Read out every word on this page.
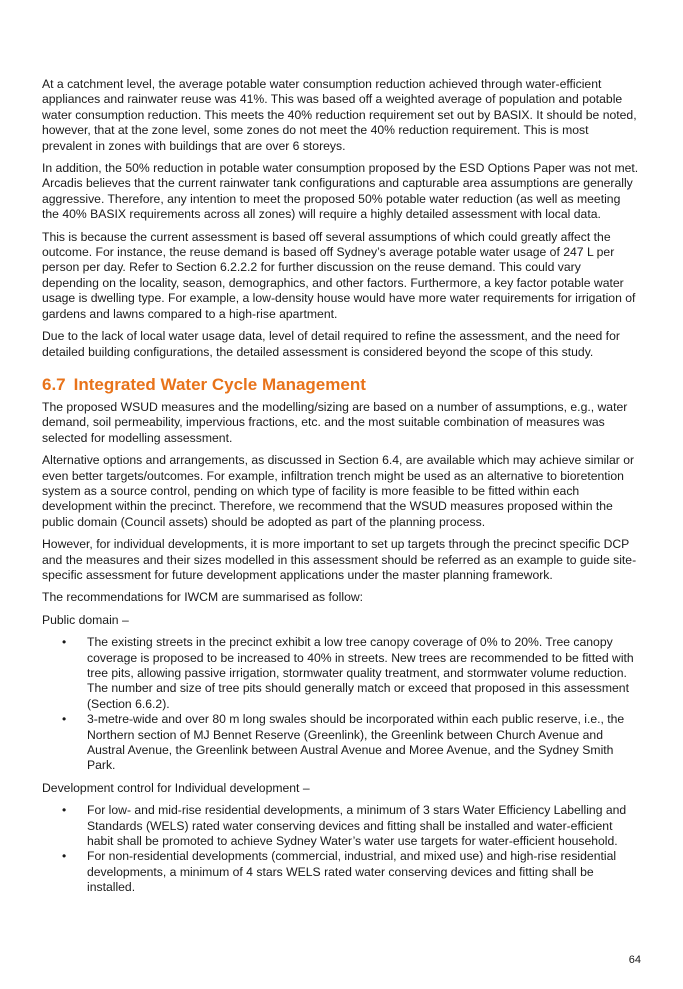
At a catchment level, the average potable water consumption reduction achieved through water-efficient appliances and rainwater reuse was 41%. This was based off a weighted average of population and potable water consumption reduction. This meets the 40% reduction requirement set out by BASIX. It should be noted, however, that at the zone level, some zones do not meet the 40% reduction requirement. This is most prevalent in zones with buildings that are over 6 storeys.

In addition, the 50% reduction in potable water consumption proposed by the ESD Options Paper was not met. Arcadis believes that the current rainwater tank configurations and capturable area assumptions are generally aggressive. Therefore, any intention to meet the proposed 50% potable water reduction (as well as meeting the 40% BASIX requirements across all zones) will require a highly detailed assessment with local data.

This is because the current assessment is based off several assumptions of which could greatly affect the outcome. For instance, the reuse demand is based off Sydney’s average potable water usage of 247 L per person per day. Refer to Section 6.2.2.2 for further discussion on the reuse demand. This could vary depending on the locality, season, demographics, and other factors. Furthermore, a key factor potable water usage is dwelling type. For example, a low-density house would have more water requirements for irrigation of gardens and lawns compared to a high-rise apartment.

Due to the lack of local water usage data, level of detail required to refine the assessment, and the need for detailed building configurations, the detailed assessment is considered beyond the scope of this study.

6.7 Integrated Water Cycle Management

The proposed WSUD measures and the modelling/sizing are based on a number of assumptions, e.g., water demand, soil permeability, impervious fractions, etc. and the most suitable combination of measures was selected for modelling assessment.

Alternative options and arrangements, as discussed in Section 6.4, are available which may achieve similar or even better targets/outcomes. For example, infiltration trench might be used as an alternative to bioretention system as a source control, pending on which type of facility is more feasible to be fitted within each development within the precinct. Therefore, we recommend that the WSUD measures proposed within the public domain (Council assets) should be adopted as part of the planning process.

However, for individual developments, it is more important to set up targets through the precinct specific DCP and the measures and their sizes modelled in this assessment should be referred as an example to guide site-specific assessment for future development applications under the master planning framework.

The recommendations for IWCM are summarised as follow:

Public domain –

• The existing streets in the precinct exhibit a low tree canopy coverage of 0% to 20%. Tree canopy coverage is proposed to be increased to 40% in streets. New trees are recommended to be fitted with tree pits, allowing passive irrigation, stormwater quality treatment, and stormwater volume reduction. The number and size of tree pits should generally match or exceed that proposed in this assessment (Section 6.6.2).
• 3-metre-wide and over 80 m long swales should be incorporated within each public reserve, i.e., the Northern section of MJ Bennet Reserve (Greenlink), the Greenlink between Church Avenue and Austral Avenue, the Greenlink between Austral Avenue and Moree Avenue, and the Sydney Smith Park.

Development control for Individual development –

• For low- and mid-rise residential developments, a minimum of 3 stars Water Efficiency Labelling and Standards (WELS) rated water conserving devices and fitting shall be installed and water-efficient habit shall be promoted to achieve Sydney Water’s water use targets for water-efficient household.
• For non-residential developments (commercial, industrial, and mixed use) and high-rise residential developments, a minimum of 4 stars WELS rated water conserving devices and fitting shall be installed.
64
